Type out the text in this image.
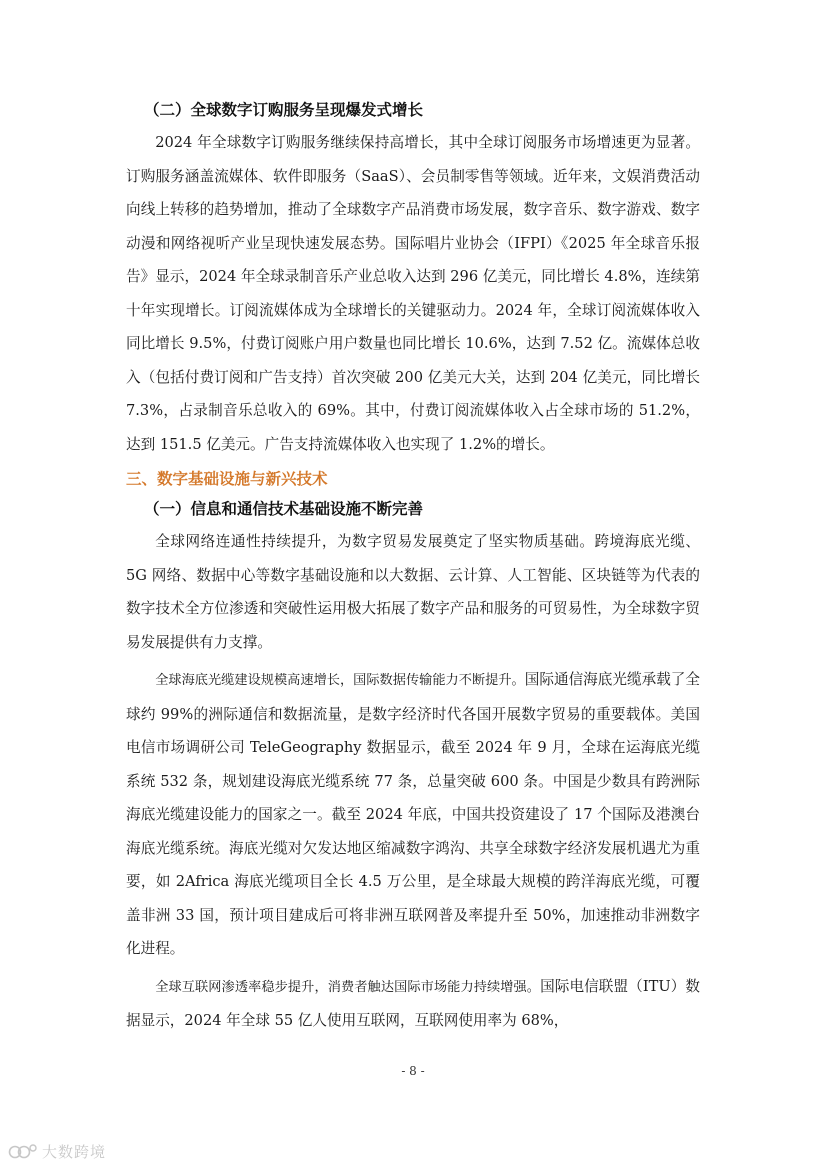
（二）全球数字订购服务呈现爆发式增长

2024 年全球数字订购服务继续保持高增长，其中全球订阅服务市场增速更为显著。订购服务涵盖流媒体、软件即服务（SaaS）、会员制零售等领域。近年来，文娱消费活动向线上转移的趋势增加，推动了全球数字产品消费市场发展，数字音乐、数字游戏、数字动漫和网络视听产业呈现快速发展态势。国际唱片业协会（IFPI）《2025 年全球音乐报告》显示，2024 年全球录制音乐产业总收入达到 296 亿美元，同比增长 4.8%，连续第十年实现增长。订阅流媒体成为全球增长的关键驱动力。2024 年，全球订阅流媒体收入同比增长 9.5%，付费订阅账户用户数量也同比增长 10.6%，达到 7.52 亿。流媒体总收入（包括付费订阅和广告支持）首次突破 200 亿美元大关，达到 204 亿美元，同比增长 7.3%，占录制音乐总收入的 69%。其中，付费订阅流媒体收入占全球市场的 51.2%，达到 151.5 亿美元。广告支持流媒体收入也实现了 1.2%的增长。

三、数字基础设施与新兴技术
（一）信息和通信技术基础设施不断完善

全球网络连通性持续提升，为数字贸易发展奠定了坚实物质基础。跨境海底光缆、5G 网络、数据中心等数字基础设施和以大数据、云计算、人工智能、区块链等为代表的数字技术全方位渗透和突破性运用极大拓展了数字产品和服务的可贸易性，为全球数字贸易发展提供有力支撑。

全球海底光缆建设规模高速增长，国际数据传输能力不断提升。国际通信海底光缆承载了全球约 99%的洲际通信和数据流量，是数字经济时代各国开展数字贸易的重要载体。美国电信市场调研公司 TeleGeography 数据显示，截至 2024 年 9 月，全球在运海底光缆系统 532 条，规划建设海底光缆系统 77 条，总量突破 600 条。中国是少数具有跨洲际海底光缆建设能力的国家之一。截至 2024 年底，中国共投资建设了 17 个国际及港澳台海底光缆系统。海底光缆对欠发达地区缩减数字鸿沟、共享全球数字经济发展机遇尤为重要，如 2Africa 海底光缆项目全长 4.5 万公里，是全球最大规模的跨洋海底光缆，可覆盖非洲 33 国，预计项目建成后可将非洲互联网普及率提升至 50%，加速推动非洲数字化进程。

全球互联网渗透率稳步提升，消费者触达国际市场能力持续增强。国际电信联盟（ITU）数据显示，2024 年全球 55 亿人使用互联网，互联网使用率为 68%，

- 8 -
大数跨境
